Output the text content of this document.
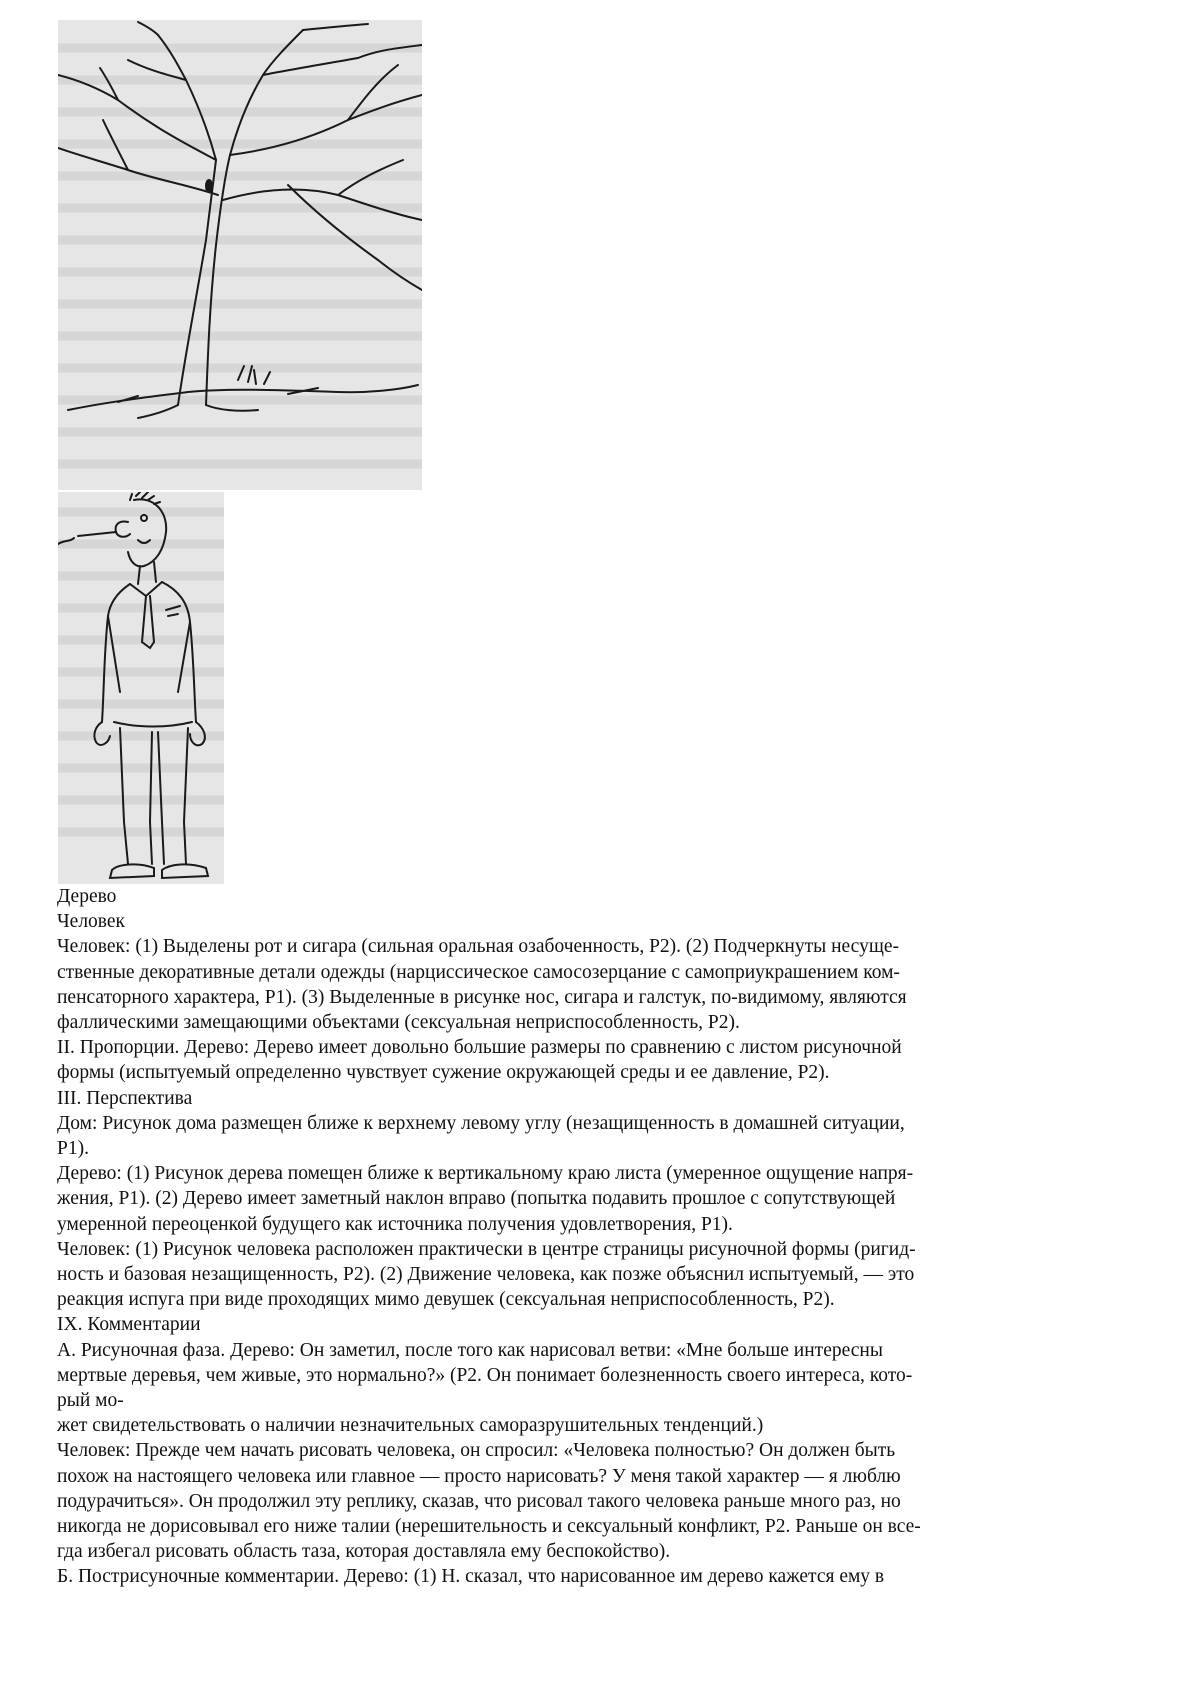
Дерево

Человек

Человек: (1) Выделены рот и сигара (сильная оральная озабоченность, Р2). (2) Подчеркнуты несуще-

ственные декоративные детали одежды (нарциссическое самосозерцание с самоприукрашением ком-

пенсаторного характера, Р1). (3) Выделенные в рисунке нос, сигара и галстук, по-видимому, являются

фаллическими замещающими объектами (сексуальная неприспособленность, Р2).

II. Пропорции. Дерево: Дерево имеет довольно большие размеры по сравнению с листом рисуночной

формы (испытуемый определенно чувствует сужение окружающей среды и ее давление, Р2).

III. Перспектива

Дом: Рисунок дома размещен ближе к верхнему левому углу (незащищенность в домашней ситуации,

Р1).

Дерево: (1) Рисунок дерева помещен ближе к вертикальному краю листа (умеренное ощущение напря-

жения, Р1). (2) Дерево имеет заметный наклон вправо (попытка подавить прошлое с сопутствующей

умеренной переоценкой будущего как источника получения удовлетворения, Р1).

Человек: (1) Рисунок человека расположен практически в центре страницы рисуночной формы (ригид-

ность и базовая незащищенность, Р2). (2) Движение человека, как позже объяснил испытуемый, — это

реакция испуга при виде проходящих мимо девушек (сексуальная неприспособленность, Р2).

IX. Комментарии

А. Рисуночная фаза. Дерево: Он заметил, после того как нарисовал ветви: «Мне больше интересны

мертвые деревья, чем живые, это нормально?» (Р2. Он понимает болезненность своего интереса, кото-

рый мо-

жет свидетельствовать о наличии незначительных саморазрушительных тенденций.)

Человек: Прежде чем начать рисовать человека, он спросил: «Человека полностью? Он должен быть

похож на настоящего человека или главное — просто нарисовать? У меня такой характер — я люблю

подурачиться». Он продолжил эту реплику, сказав, что рисовал такого человека раньше много раз, но

никогда не дорисовывал его ниже талии (нерешительность и сексуальный конфликт, Р2. Раньше он все-

гда избегал рисовать область таза, которая доставляла ему беспокойство).

Б. Пострисуночные комментарии. Дерево: (1) Н. сказал, что нарисованное им дерево кажется ему в
